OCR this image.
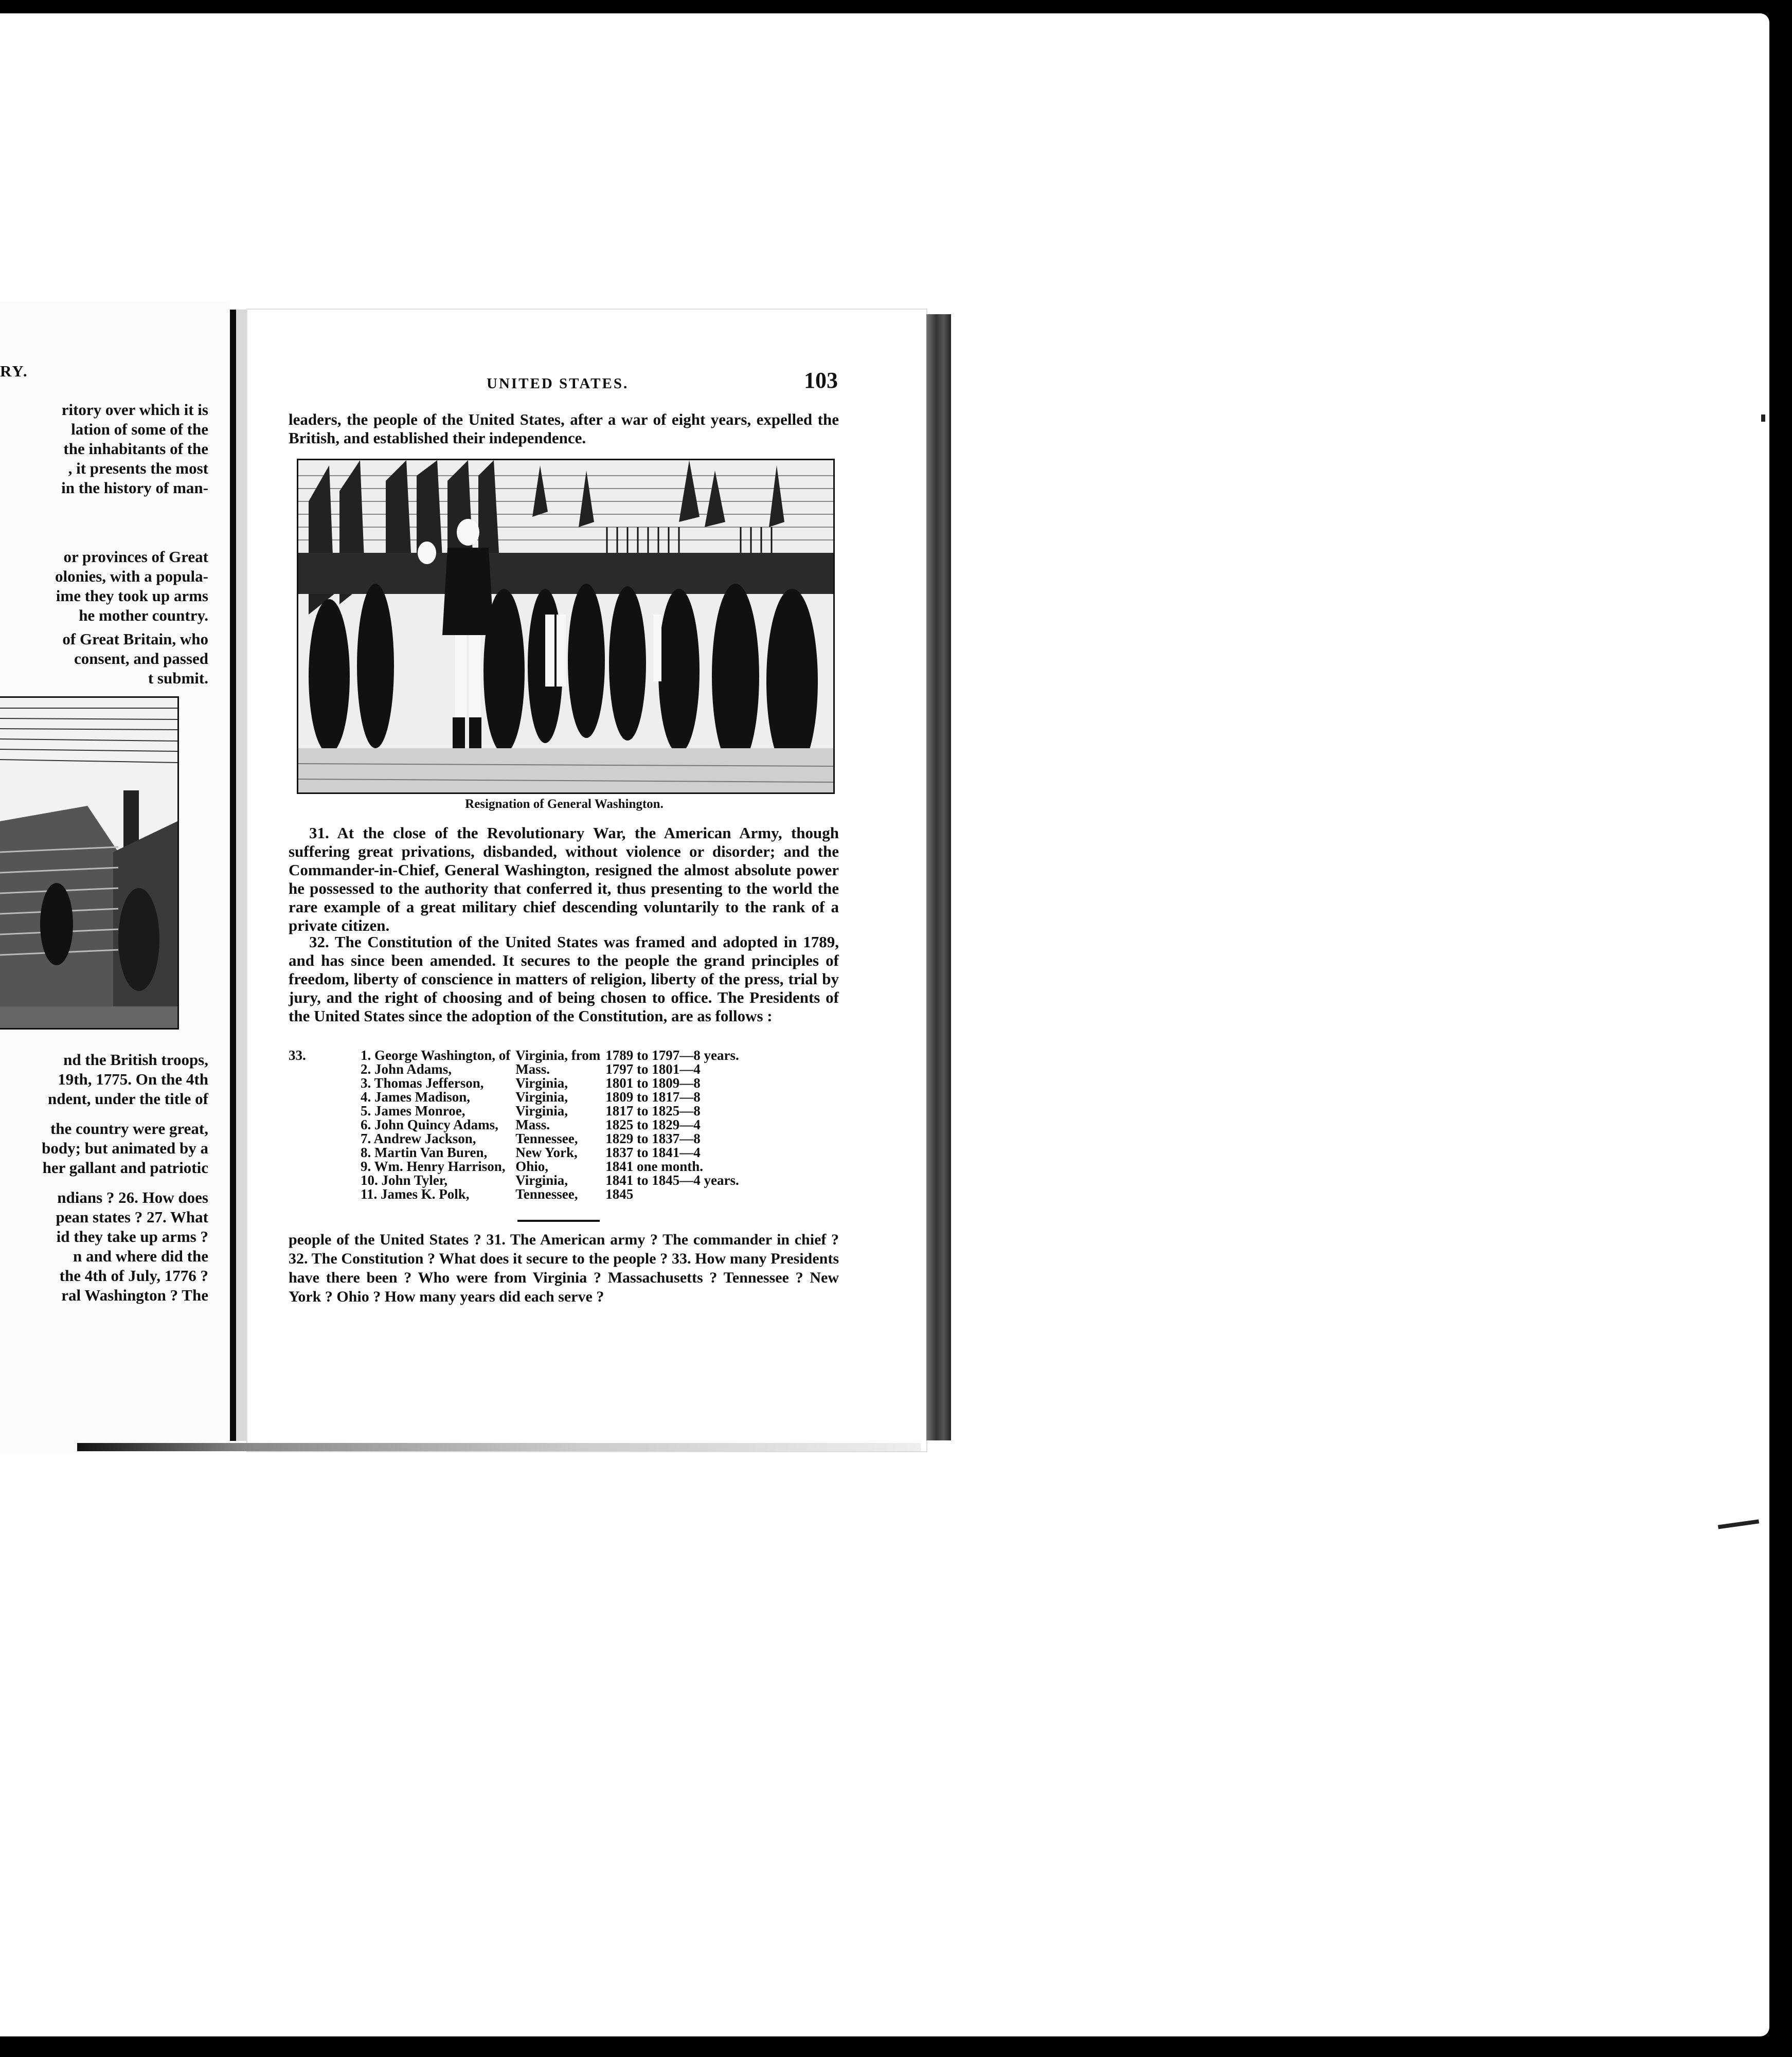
RY.
ritory over which it is
lation of some of the
the inhabitants of the
, it presents the most
in the history of man-
or provinces of Great
olonies, with a popula-
ime they took up arms
he mother country.
of Great Britain, who
consent, and passed
t submit.
nd the British troops,
19th, 1775. On the 4th
ndent, under the title of
the country were great,
body; but animated by a
her gallant and patriotic
ndians ? 26. How does
pean states ? 27. What
id they take up arms ?
n and where did the
the 4th of July, 1776 ?
ral Washington ? The
UNITED STATES.	103
leaders, the people of the United States, after a war of eight years, expelled the British, and established their independence.
Resignation of General Washington.
31. At the close of the Revolutionary War, the American Army, though suffering great privations, disbanded, without violence or disorder; and the Commander-in-Chief, General Washington, resigned the almost absolute power he possessed to the authority that conferred it, thus presenting to the world the rare example of a great military chief descending voluntarily to the rank of a private citizen.
32. The Constitution of the United States was framed and adopted in 1789, and has since been amended. It secures to the people the grand principles of freedom, liberty of conscience in matters of religion, liberty of the press, trial by jury, and the right of choosing and of being chosen to office. The Presidents of the United States since the adoption of the Constitution, are as follows :
33.	1. George Washington, of	Virginia, from	1789 to 1797—8 years.
	2. John Adams,	Mass.	1797 to 1801—4
	3. Thomas Jefferson,	Virginia,	1801 to 1809—8
	4. James Madison,	Virginia,	1809 to 1817—8
	5. James Monroe,	Virginia,	1817 to 1825—8
	6. John Quincy Adams,	Mass.	1825 to 1829—4
	7. Andrew Jackson,	Tennessee,	1829 to 1837—8
	8. Martin Van Buren,	New York,	1837 to 1841—4
	9. Wm. Henry Harrison,	Ohio,	1841 one month.
	10. John Tyler,	Virginia,	1841 to 1845—4 years.
	11. James K. Polk,	Tennessee,	1845
people of the United States ? 31. The American army ? The commander in chief ? 32. The Constitution ? What does it secure to the people ? 33. How many Presidents have there been ? Who were from Virginia ? Massachusetts ? Tennessee ? New York ? Ohio ? How many years did each serve ?
